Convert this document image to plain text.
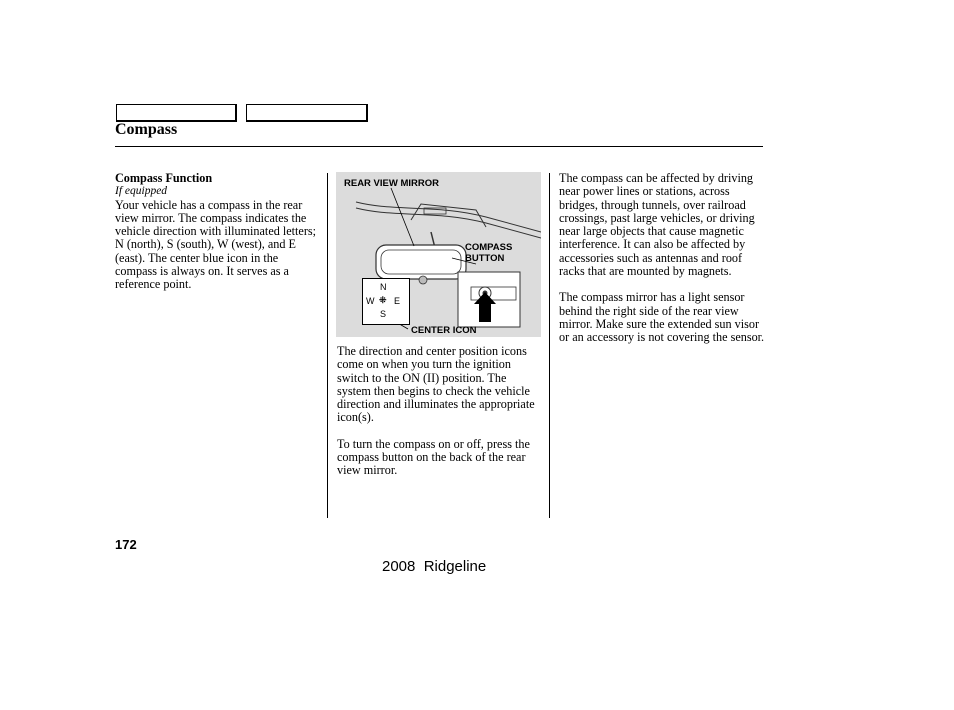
Compass
Compass Function
If equipped

Your vehicle has a compass in the rear view mirror. The compass indicates the vehicle direction with illuminated letters; N (north), S (south), W (west), and E (east). The center blue icon in the compass is always on. It serves as a reference point.

REAR VIEW MIRROR
COMPASS
BUTTON
CENTER ICON
N
W ⁜ E
S

The direction and center position icons come on when you turn the ignition switch to the ON (II) position. The system then begins to check the vehicle direction and illuminates the appropriate icon(s).

To turn the compass on or off, press the compass button on the back of the rear view mirror.

The compass can be affected by driving near power lines or stations, across bridges, through tunnels, over railroad crossings, past large vehicles, or driving near large objects that cause magnetic interference. It can also be affected by accessories such as antennas and roof racks that are mounted by magnets.

The compass mirror has a light sensor behind the right side of the rear view mirror. Make sure the extended sun visor or an accessory is not covering the sensor.

172
2008  Ridgeline
